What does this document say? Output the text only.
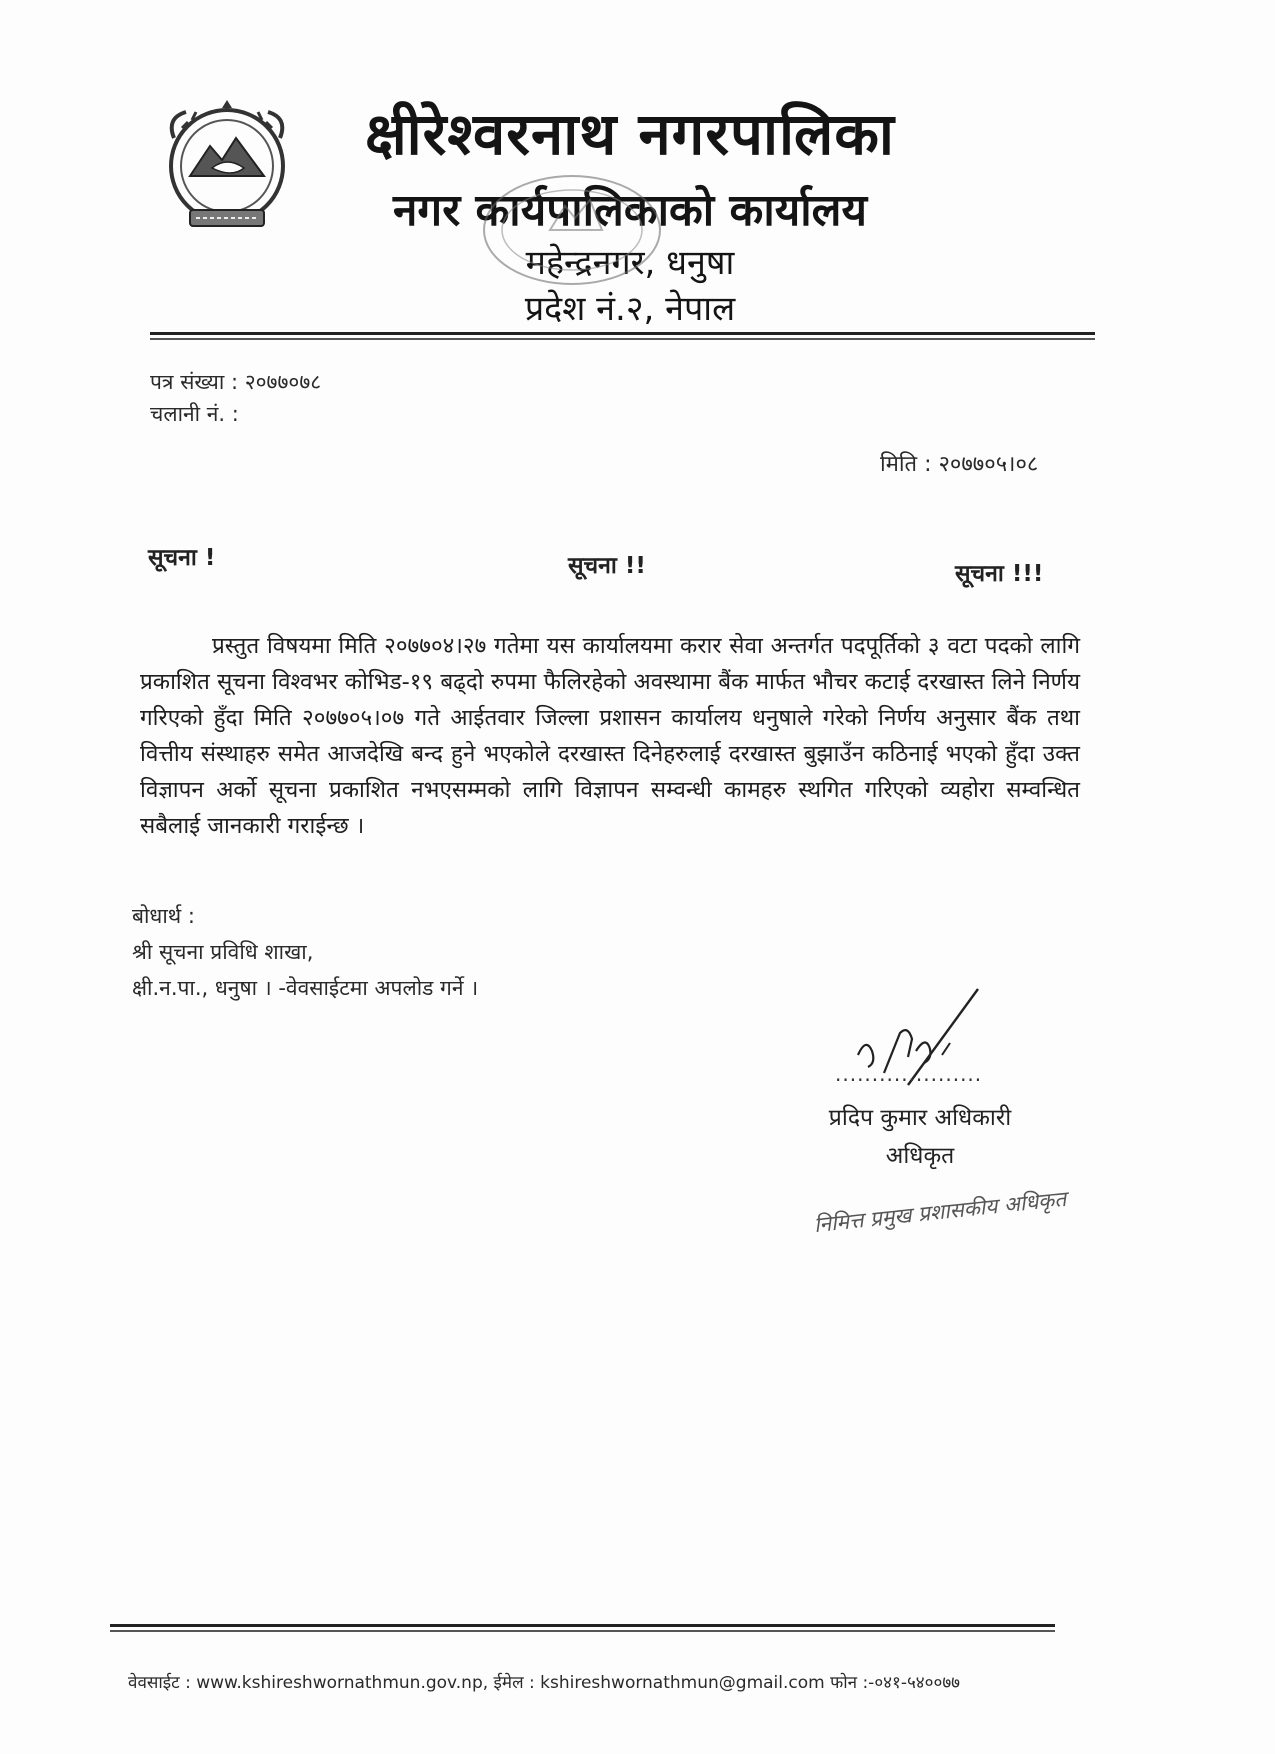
क्षीरेश्वरनाथ नगरपालिका
नगर कार्यपालिकाको कार्यालय
महेन्द्रनगर, धनुषा
प्रदेश नं.२, नेपाल
पत्र संख्या : २०७७०७८
चलानी नं. :
मिति : २०७७०५।०८
सूचना !	सूचना !!	सूचना !!!
प्रस्तुत विषयमा मिति २०७७०४।२७ गतेमा यस कार्यालयमा करार सेवा अन्तर्गत पदपूर्तिको ३ वटा पदको लागि प्रकाशित सूचना विश्वभर कोभिड-१९ बढ्दो रुपमा फैलिरहेको अवस्थामा बैंक मार्फत भौचर कटाई दरखास्त लिने निर्णय गरिएको हुँदा मिति २०७७०५।०७ गते आईतवार जिल्ला प्रशासन कार्यालय धनुषाले गरेको निर्णय अनुसार बैंक तथा वित्तीय संस्थाहरु समेत आजदेखि बन्द हुने भएकोले दरखास्त दिनेहरुलाई दरखास्त बुझाउँन कठिनाई भएको हुँदा उक्त विज्ञापन अर्को सूचना प्रकाशित नभएसम्मको लागि विज्ञापन सम्वन्धी कामहरु स्थगित गरिएको व्यहोरा सम्वन्धित सबैलाई जानकारी गराईन्छ ।
बोधार्थ :
श्री सूचना प्रविधि शाखा,
क्षी.न.पा., धनुषा । -वेवसाईटमा अपलोड गर्ने ।
....................
प्रदिप कुमार अधिकारी
अधिकृत
निमित्त प्रमुख प्रशासकीय अधिकृत
वेवसाईट : www.kshireshwornathmun.gov.np, ईमेल : kshireshwornathmun@gmail.com फोन :-०४१-५४००७७
